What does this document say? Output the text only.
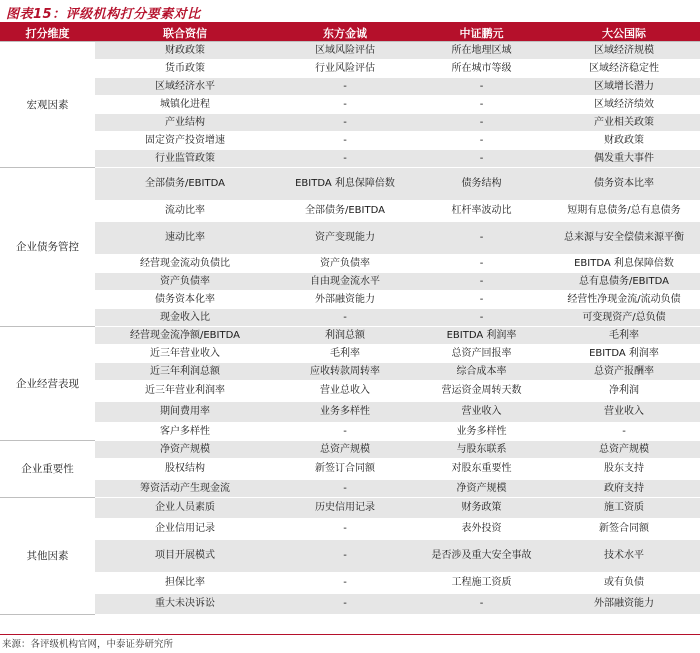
图表15：评级机构打分要素对比
打分维度	联合资信	东方金诚	中证鹏元	大公国际
宏观因素	财政政策	区域风险评估	所在地理区域	区域经济规模
	货币政策	行业风险评估	所在城市等级	区域经济稳定性
	区域经济水平	-	-	区域增长潜力
	城镇化进程	-	-	区域经济绩效
	产业结构	-	-	产业相关政策
	固定资产投资增速	-	-	财政政策
	行业监管政策	-	-	偶发重大事件
企业债务管控	全部债务/EBITDA	EBITDA 利息保障倍数	债务结构	债务资本比率
	流动比率	全部债务/EBITDA	杠杆率波动比	短期有息债务/总有息债务
	速动比率	资产变现能力	-	总来源与安全偿债来源平衡
	经营现金流动负债比	资产负债率	-	EBITDA 利息保障倍数
	资产负债率	自由现金流水平	-	总有息债务/EBITDA
	债务资本化率	外部融资能力	-	经营性净现金流/流动负债
	现金收入比	-	-	可变现资产/总负债
企业经营表现	经营现金流净额/EBITDA	利润总额	EBITDA 利润率	毛利率
	近三年营业收入	毛利率	总资产回报率	EBITDA 利润率
	近三年利润总额	应收转款周转率	综合成本率	总资产报酬率
	近三年营业利润率	营业总收入	营运资金周转天数	净利润
	期间费用率	业务多样性	营业收入	营业收入
	客户多样性	-	业务多样性	-
企业重要性	净资产规模	总资产规模	与股东联系	总资产规模
	股权结构	新签订合同额	对股东重要性	股东支持
	筹资活动产生现金流	-	净资产规模	政府支持
其他因素	企业人员素质	历史信用记录	财务政策	施工资质
	企业信用记录	-	表外投资	新签合同额
	项目开展模式	-	是否涉及重大安全事故	技术水平
	担保比率	-	工程施工资质	或有负债
	重大未决诉讼	-	-	外部融资能力
来源：各评级机构官网，中泰证券研究所
